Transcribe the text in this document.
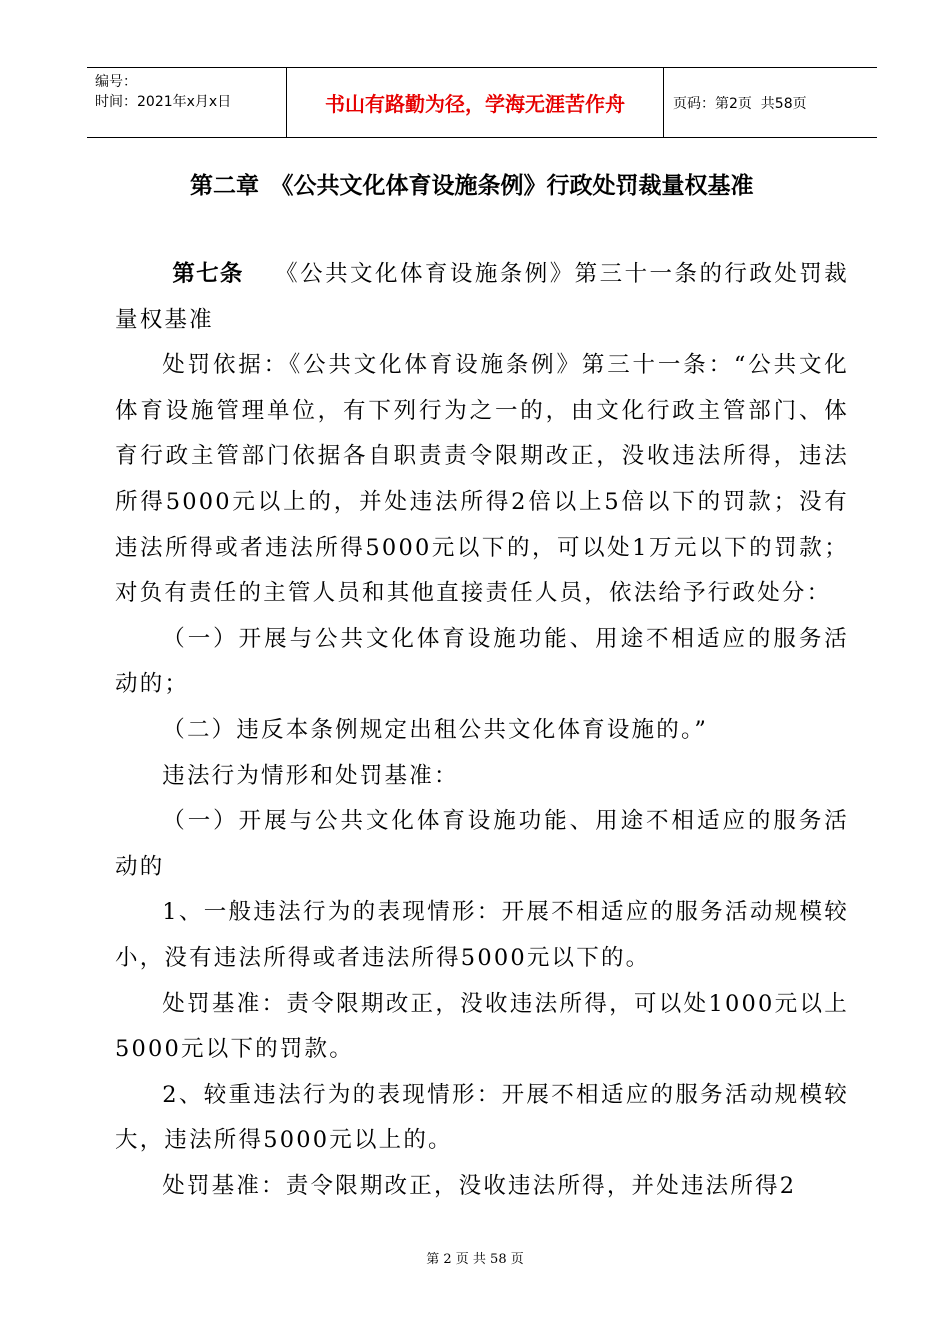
编号：
时间：2021年x月x日	书山有路勤为径，学海无涯苦作舟	页码：第2页  共58页
第二章　《公共文化体育设施条例》行政处罚裁量权基准

第七条 《公共文化体育设施条例》第三十一条的行政处罚裁量权基准

处罚依据：《公共文化体育设施条例》第三十一条：“公共文化体育设施管理单位，有下列行为之一的，由文化行政主管部门、体育行政主管部门依据各自职责责令限期改正，没收违法所得，违法所得5000元以上的，并处违法所得2倍以上5倍以下的罚款；没有违法所得或者违法所得5000元以下的，可以处1万元以下的罚款；对负有责任的主管人员和其他直接责任人员，依法给予行政处分：

（一）开展与公共文化体育设施功能、用途不相适应的服务活动的；

（二）违反本条例规定出租公共文化体育设施的。”

违法行为情形和处罚基准：

（一）开展与公共文化体育设施功能、用途不相适应的服务活动的

1、一般违法行为的表现情形：开展不相适应的服务活动规模较小，没有违法所得或者违法所得5000元以下的。

处罚基准：责令限期改正，没收违法所得，可以处1000元以上5000元以下的罚款。

2、较重违法行为的表现情形：开展不相适应的服务活动规模较大，违法所得5000元以上的。

处罚基准：责令限期改正，没收违法所得，并处违法所得2

第 2 页 共 58 页
